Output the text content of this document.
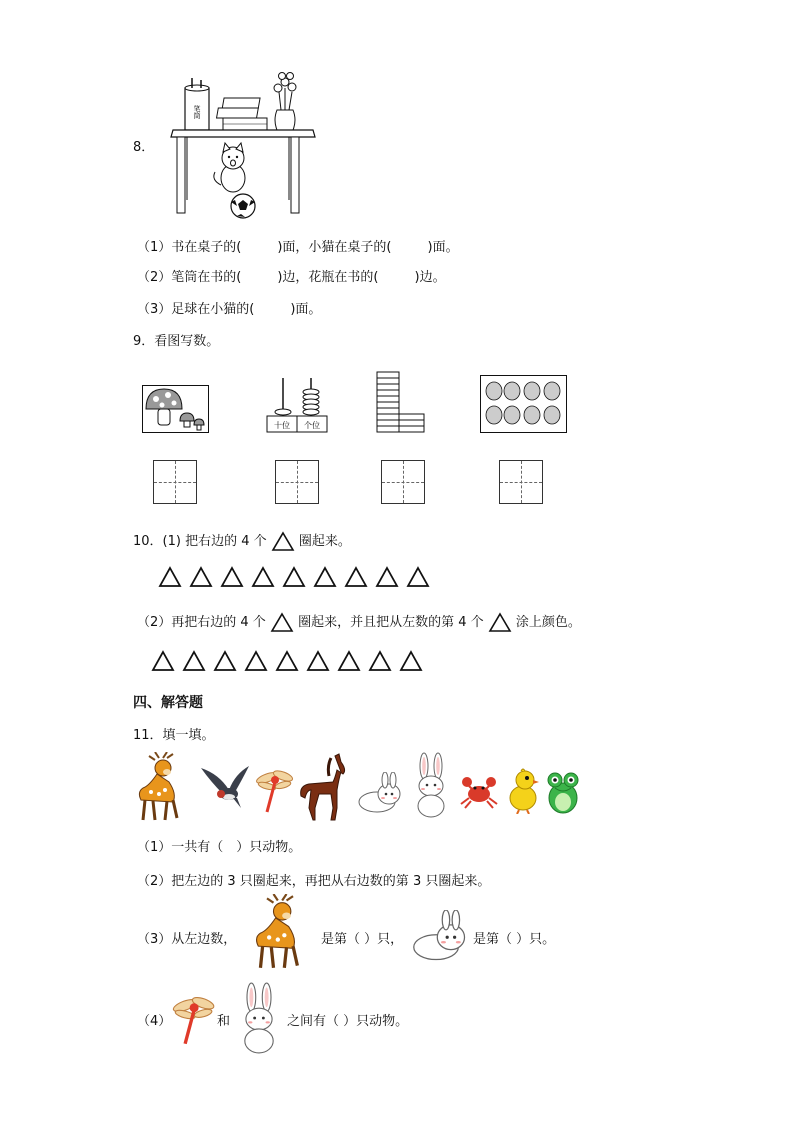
8．
笔筒
（1）书在桌子的(	)面，小猫在桌子的(	)面。
（2）笔筒在书的(	)边，花瓶在书的(	)边。
（3）足球在小猫的(	)面。
9．看图写数。
十位 个位
10．(1) 把右边的 4 个 圈起来。
（2）再把右边的 4 个 圈起来，并且把从左数的第 4 个 涂上颜色。
四、解答题
11．填一填。
（1）一共有（　）只动物。
（2）把左边的 3 只圈起来，再把从右边数的第 3 只圈起来。
（3）从左边数，	是第（ ）只，	是第（ ）只。
（4）	和	之间有（ ）只动物。
